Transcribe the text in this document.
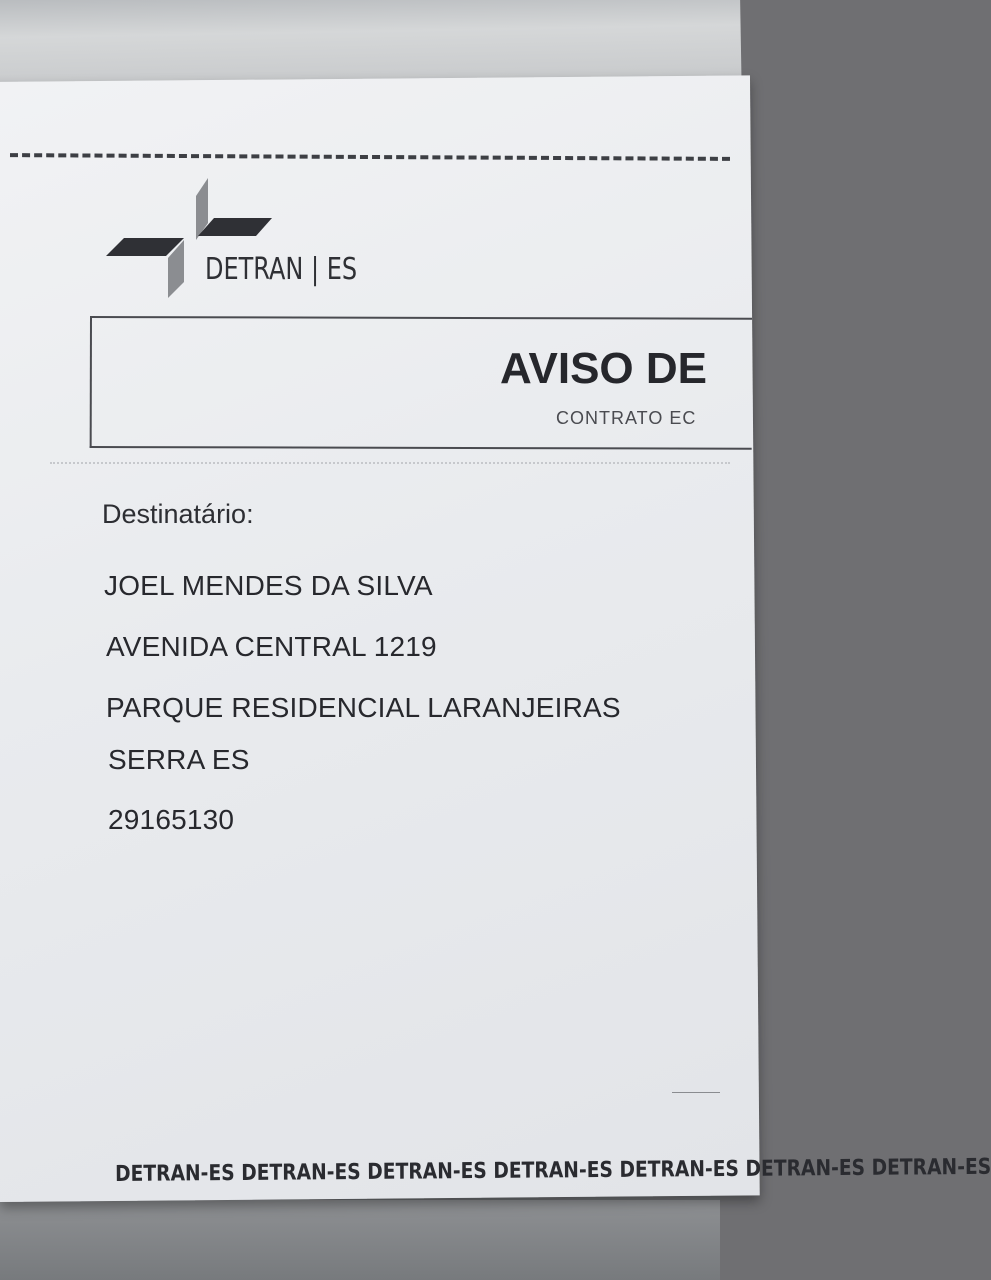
DETRAN | ES
AVISO DE
CONTRATO EC
Destinatário:
JOEL MENDES DA SILVA
AVENIDA CENTRAL 1219
PARQUE RESIDENCIAL LARANJEIRAS
SERRA ES
29165130
DETRAN-ES DETRAN-ES DETRAN-ES DETRAN-ES DETRAN-ES DETRAN-ES DETRAN-ES
